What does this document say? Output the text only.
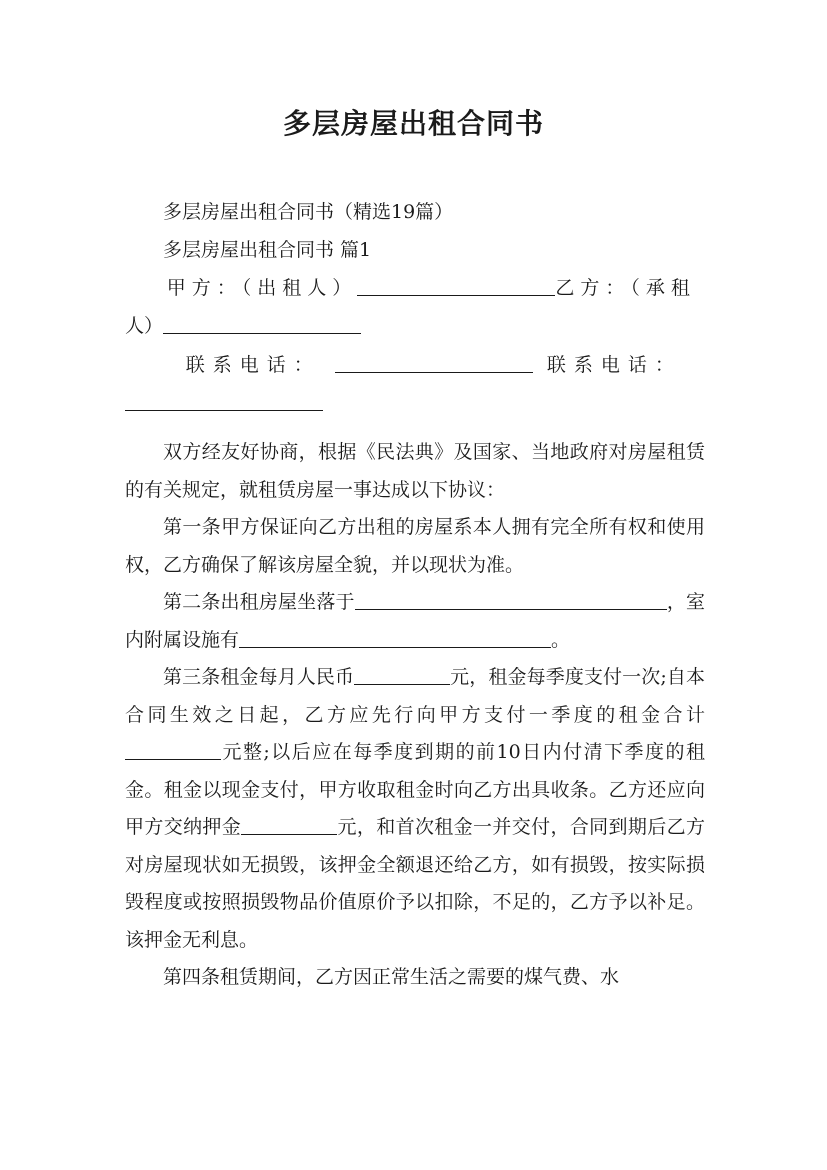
多层房屋出租合同书

多层房屋出租合同书（精选19篇）

多层房屋出租合同书 篇1

甲方：（出租人）	乙方：（承租

人）

联系电话：	联系电话：

双方经友好协商，根据《民法典》及国家、当地政府对房屋租赁的有关规定，就租赁房屋一事达成以下协议：

第一条甲方保证向乙方出租的房屋系本人拥有完全所有权和使用权，乙方确保了解该房屋全貌，并以现状为准。

第二条出租房屋坐落于	，室内附属设施有	。

第三条租金每月人民币	元，租金每季度支付一次;自本合同生效之日起，乙方应先行向甲方支付一季度的租金合计元整;以后应在每季度到期的前10日内付清下季度的租金。租金以现金支付，甲方收取租金时向乙方出具收条。乙方还应向甲方交纳押金	元，和首次租金一并交付，合同到期后乙方对房屋现状如无损毁，该押金全额退还给乙方，如有损毁，按实际损毁程度或按照损毁物品价值原价予以扣除，不足的，乙方予以补足。该押金无利息。

第四条租赁期间，乙方因正常生活之需要的煤气费、水
